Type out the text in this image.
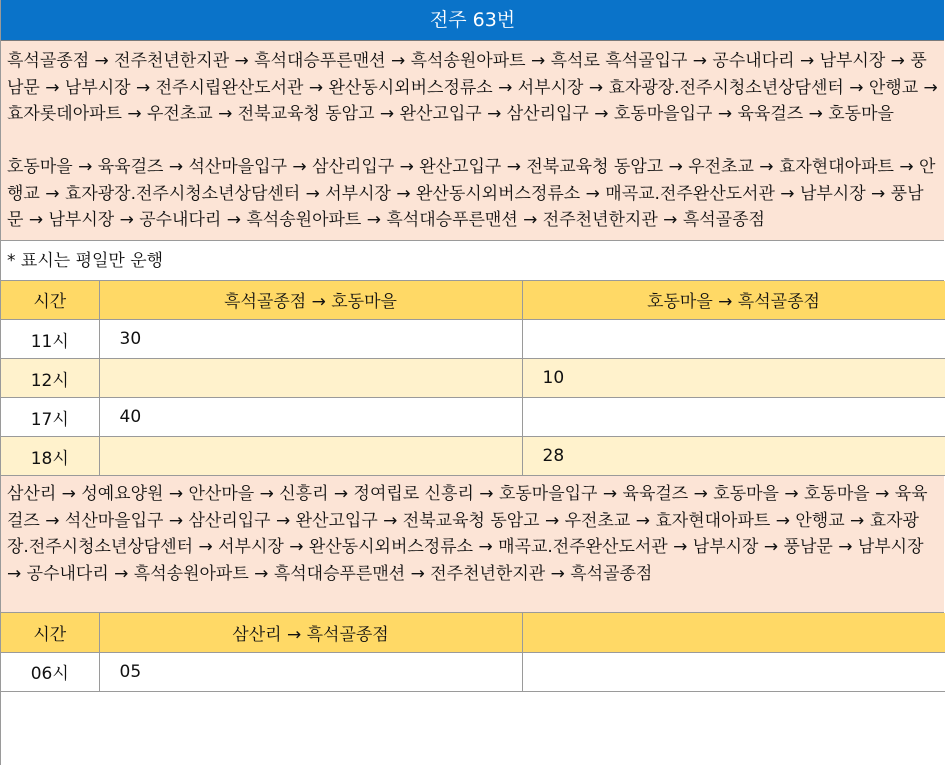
전주 63번

흑석골종점 → 전주천년한지관 → 흑석대승푸른맨션 → 흑석송원아파트 → 흑석로 흑석골입구 → 공수내다리 → 남부시장 → 풍남문 → 남부시장 → 전주시립완산도서관 → 완산동시외버스정류소 → 서부시장 → 효자광장.전주시청소년상담센터 → 안행교 → 효자롯데아파트 → 우전초교 → 전북교육청 동암고 → 완산고입구 → 삼산리입구 → 호동마을입구 → 육육걸즈 → 호동마을

호동마을 → 육육걸즈 → 석산마을입구 → 삼산리입구 → 완산고입구 → 전북교육청 동암고 → 우전초교 → 효자현대아파트 → 안행교 → 효자광장.전주시청소년상담센터 → 서부시장 → 완산동시외버스정류소 → 매곡교.전주완산도서관 → 남부시장 → 풍남문 → 남부시장 → 공수내다리 → 흑석송원아파트 → 흑석대승푸른맨션 → 전주천년한지관 → 흑석골종점

* 표시는 평일만 운행
시간	흑석골종점 → 호동마을	호동마을 → 흑석골종점
11시	30	
12시		10
17시	40	
18시		28

삼산리 → 성예요양원 → 안산마을 → 신흥리 → 정여립로 신흥리 → 호동마을입구 → 육육걸즈 → 호동마을 → 호동마을 → 육육걸즈 → 석산마을입구 → 삼산리입구 → 완산고입구 → 전북교육청 동암고 → 우전초교 → 효자현대아파트 → 안행교 → 효자광장.전주시청소년상담센터 → 서부시장 → 완산동시외버스정류소 → 매곡교.전주완산도서관 → 남부시장 → 풍남문 → 남부시장 → 공수내다리 → 흑석송원아파트 → 흑석대승푸른맨션 → 전주천년한지관 → 흑석골종점

시간	삼산리 → 흑석골종점	
06시	05	
